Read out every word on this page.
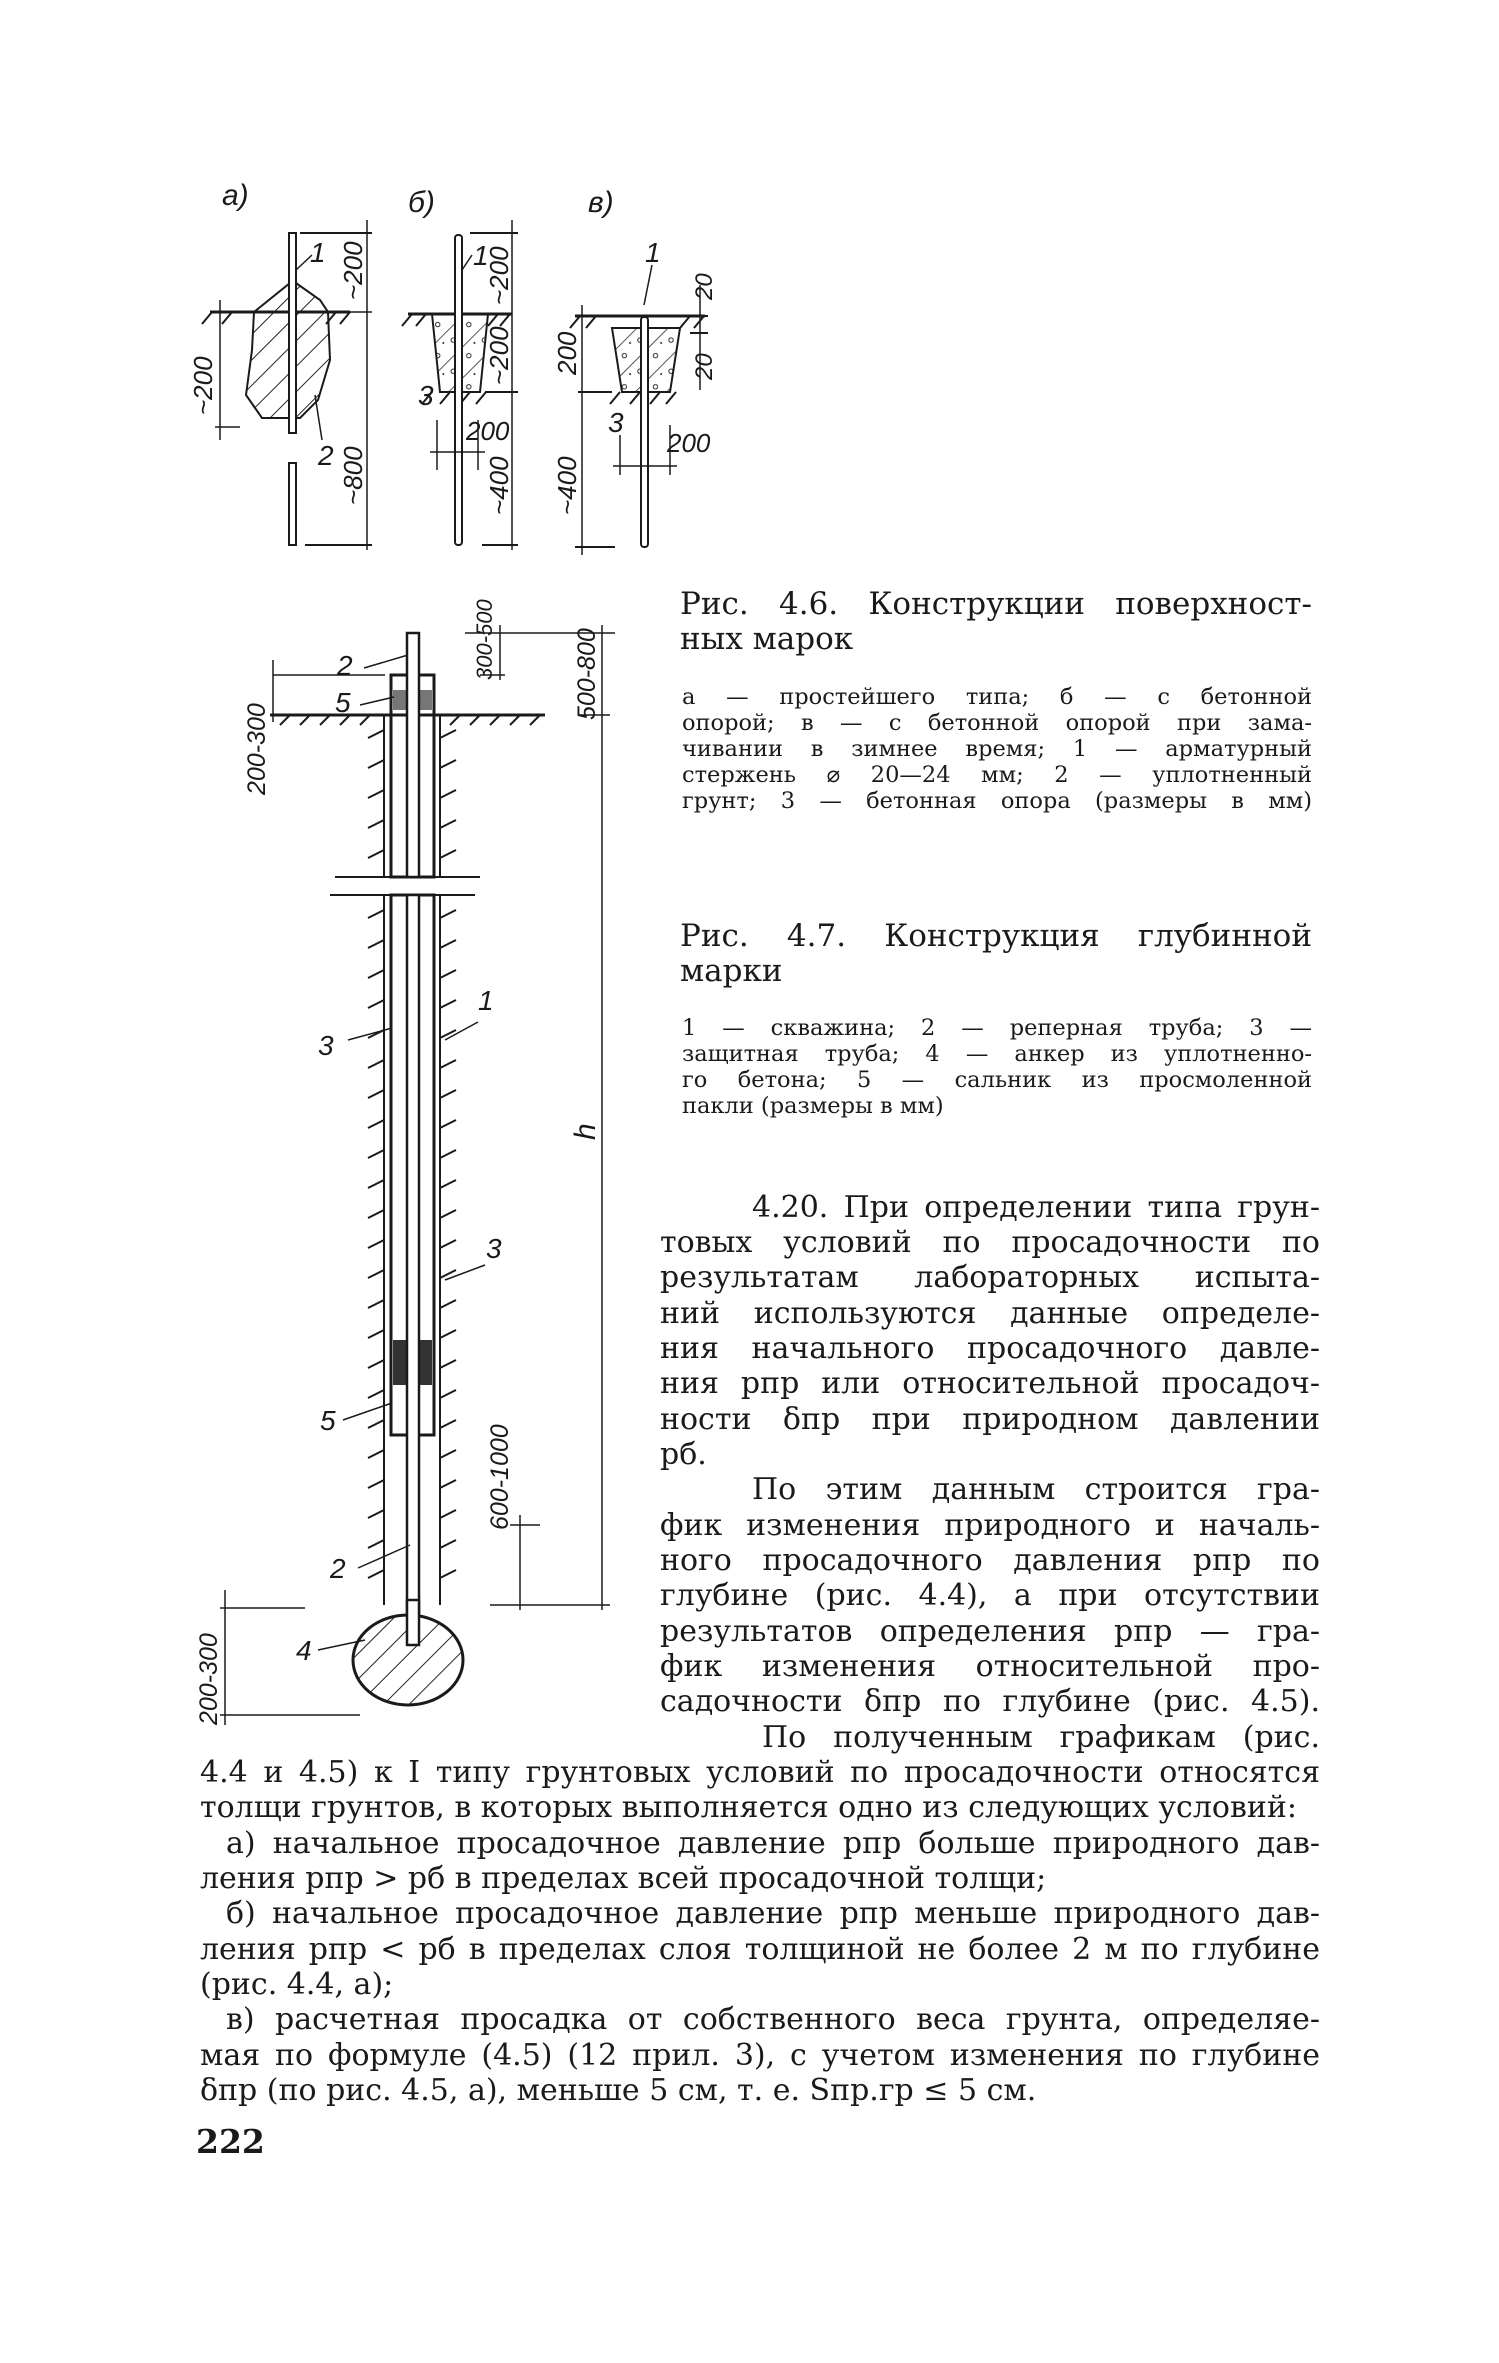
а)
1
2
~200
~200
~800
б)
1
3
200
~200
~200
~400
в)
1
3
200
200
~400
20
20
2
5
1
3
3
5
2
4
200-300
300-500	500-800
h
600-1000
200-300
Рис. 4.6. Конструкции поверхност-
ных марок
а — простейшего типа; б — с бетонной
опорой; в — с бетонной опорой при зама-
чивании в зимнее время; 1 — арматурный
стержень ⌀ 20—24 мм; 2 — уплотненный
грунт; 3 — бетонная опора (размеры в мм)
Рис. 4.7. Конструкция глубинной
марки
1 — скважина; 2 — реперная труба; 3 —
защитная труба; 4 — анкер из уплотненно-
го бетона; 5 — сальник из просмоленной
пакли (размеры в мм)
4.20. При определении типа грун-
товых условий по просадочности по
результатам лабораторных испыта-
ний используются данные определе-
ния начального просадочного давле-
ния pпр или относительной просадоч-
ности δпр при природном давлении
pб.
По этим данным строится гра-
фик изменения природного и началь-
ного просадочного давления pпр по
глубине (рис. 4.4), а при отсутствии
результатов определения pпр — гра-
фик изменения относительной про-
садочности δпр по глубине (рис. 4.5).
По полученным графикам (рис.
4.4 и 4.5) к I типу грунтовых условий по просадочности относятся
толщи грунтов, в которых выполняется одно из следующих условий:
а) начальное просадочное давление pпр больше природного дав-
ления pпр > pб в пределах всей просадочной толщи;
б) начальное просадочное давление pпр меньше природного дав-
ления pпр < pб в пределах слоя толщиной не более 2 м по глубине
(рис. 4.4, а);
в) расчетная просадка от собственного веса грунта, определяе-
мая по формуле (4.5) (12 прил. 3), с учетом изменения по глубине
δпр (по рис. 4.5, а), меньше 5 см, т. е. Sпр.гр ≤ 5 см.
222
